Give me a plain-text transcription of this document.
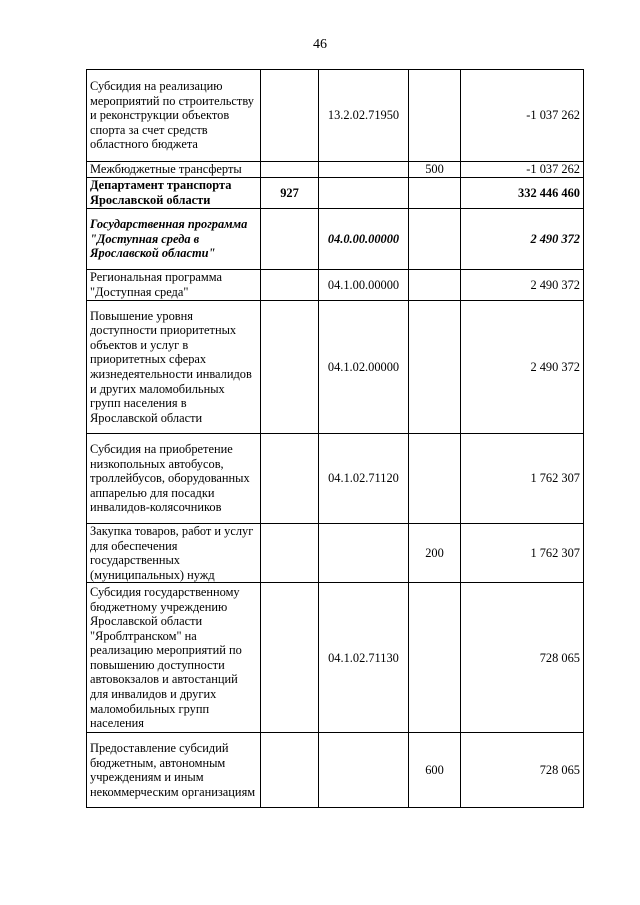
46
Субсидия на реализацию мероприятий по строительству и реконструкции объектов спорта за счет средств областного бюджета		13.2.02.71950		-1 037 262
Межбюджетные трансферты			500	-1 037 262
Департамент транспорта Ярославской области	927			332 446 460
Государственная программа "Доступная среда в Ярославской области"		04.0.00.00000		2 490 372
Региональная программа "Доступная среда"		04.1.00.00000		2 490 372
Повышение уровня доступности приоритетных объектов и услуг в приоритетных сферах жизнедеятельности инвалидов и других маломобильных групп населения в Ярославской области		04.1.02.00000		2 490 372
Субсидия на приобретение низкопольных автобусов, троллейбусов, оборудованных аппарелью для посадки инвалидов-колясочников		04.1.02.71120		1 762 307
Закупка товаров, работ и услуг для обеспечения государственных (муниципальных) нужд			200	1 762 307
Субсидия государственному бюджетному учреждению Ярославской области "Яроблтранском" на реализацию мероприятий по повышению доступности автовокзалов и автостанций для инвалидов и других маломобильных групп населения		04.1.02.71130		728 065
Предоставление субсидий бюджетным, автономным учреждениям и иным некоммерческим организациям			600	728 065
